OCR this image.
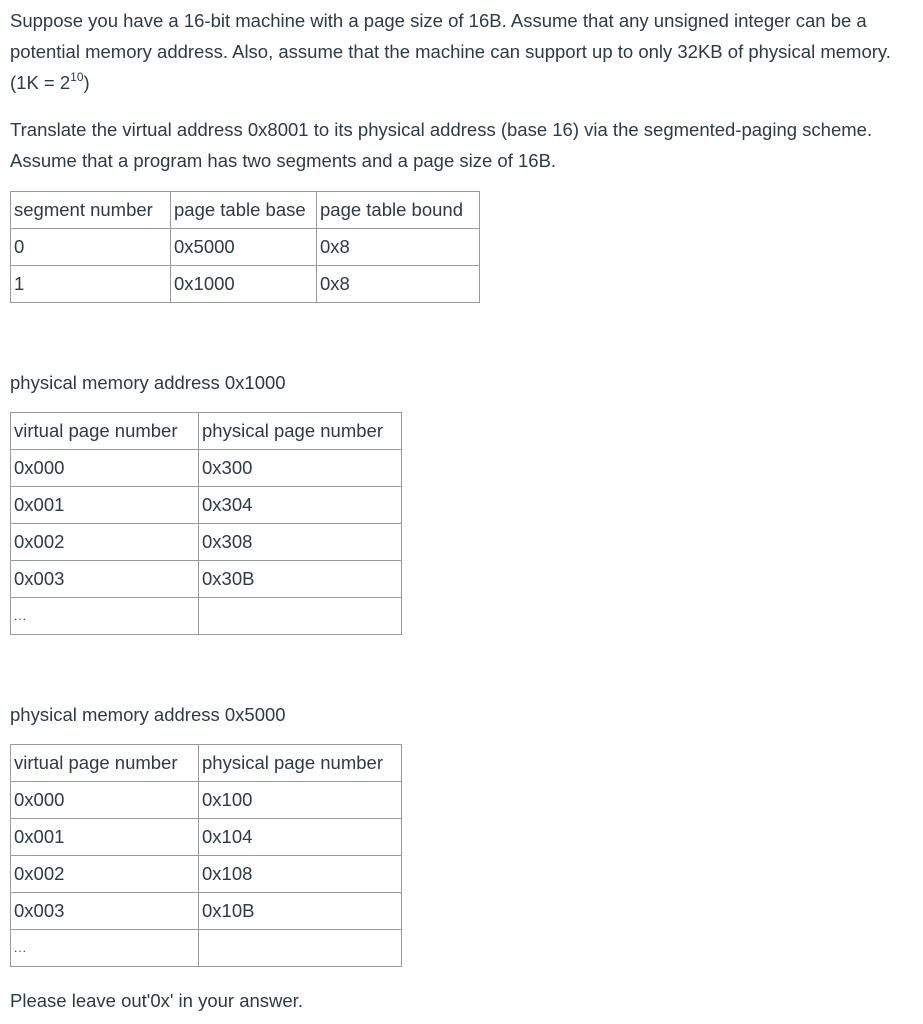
Suppose you have a 16-bit machine with a page size of 16B. Assume that any unsigned integer can be a potential memory address. Also, assume that the machine can support up to only 32KB of physical memory. $(1K = 2^{10})$

Translate the virtual address 0x8001 to its physical address (base 16) via the segmented-paging scheme.   Assume that a program has two segments and a page size of 16B.

segment number	page table base	page table bound
0	0x5000	0x8
1	0x1000	0x8

physical memory address 0x1000

virtual page number	physical page number
0x000	0x300
0x001	0x304
0x002	0x308
0x003	0x30B
...	

physical memory address 0x5000

virtual page number	physical page number
0x000	0x100
0x001	0x104
0x002	0x108
0x003	0x10B
...	

Please leave out'0x' in your answer.
